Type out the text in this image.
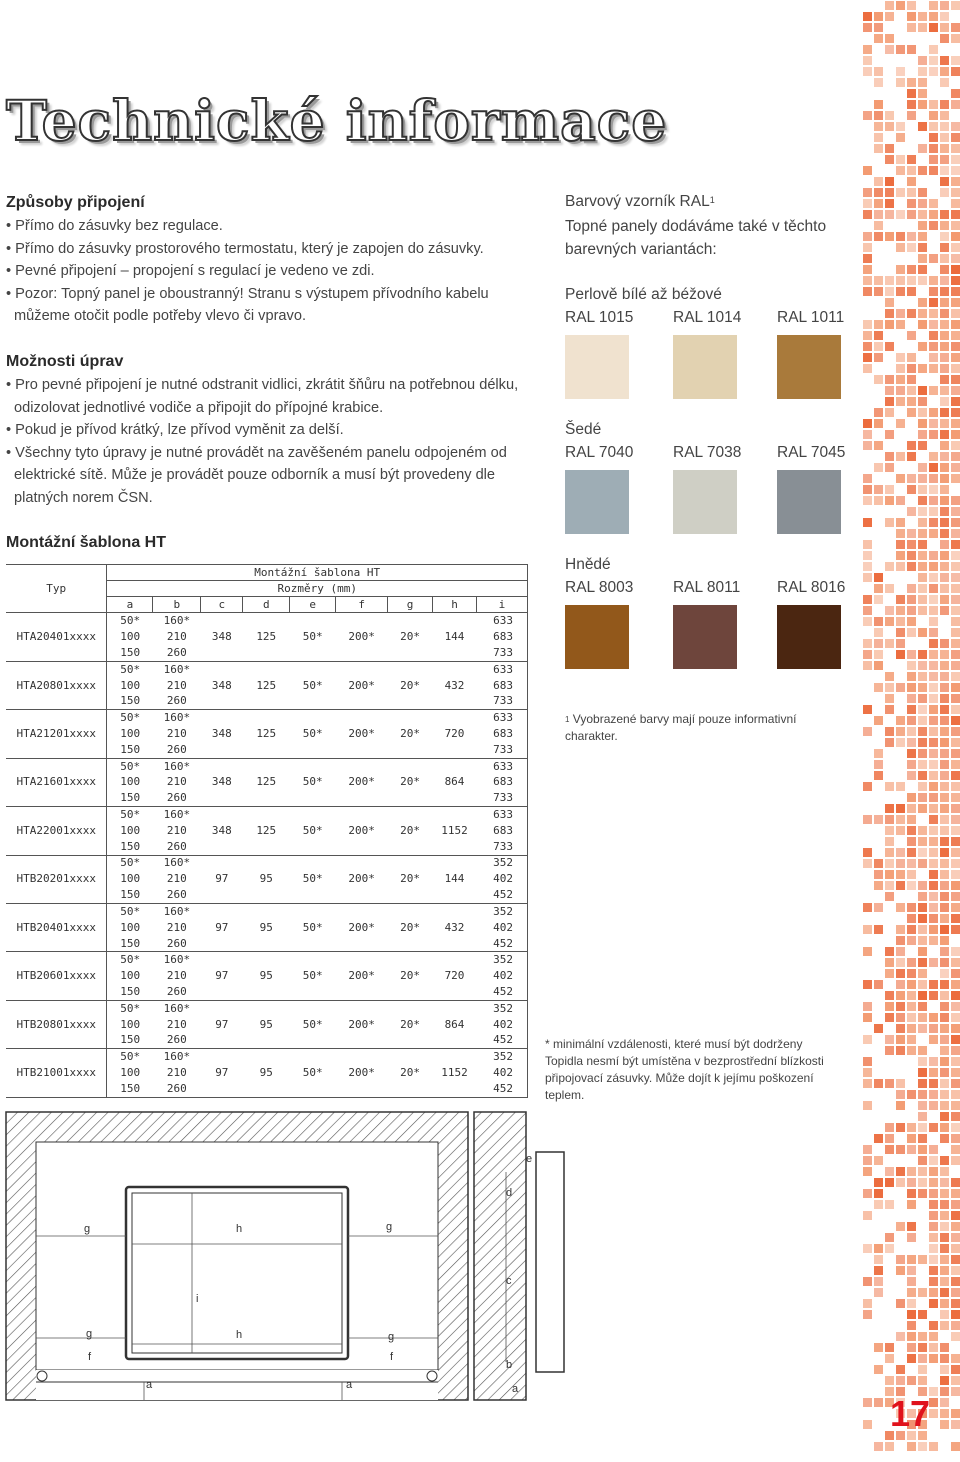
Technické informace
Způsoby připojení
• Přímo do zásuvky bez regulace.
• Přímo do zásuvky prostorového termostatu, který je zapojen do zásuvky.
• Pevné připojení – propojení s regulací je vedeno ve zdi.
• Pozor: Topný panel je oboustranný! Stranu s výstupem přívodního kabelu můžeme otočit podle potřeby vlevo či vpravo.
Možnosti úprav
• Pro pevné připojení je nutné odstranit vidlici, zkrátit šňůru na potřebnou délku, odizolovat jednotlivé vodiče a připojit do přípojné krabice.
• Pokud je přívod krátký, lze přívod vyměnit za delší.
• Všechny tyto úpravy je nutné provádět na zavěšeném panelu odpojeném od elektrické sítě. Může je provádět pouze odborník a musí být provedeny dle platných norem ČSN.
Barvový vzorník RAL$^1$
Topné panely dodáváme také v těchto barevných variantách:
Perlově bílé až béžové
RAL 1015	RAL 1014 RAL 1011
Šedé
RAL 7040	RAL 7038 RAL 7045
Hnědé
RAL 8003	RAL 8011 RAL 8016
$^1$ Vyobrazené barvy mají pouze informativní charakter.
Montážní šablona HT
Typ	Montážní šablona HT								
	Rozměry (mm)								
	a	b	c	d	e	f	g	h	i
HTA20401xxxx	50*	160*	348	125	50*	200*	20*	144	633
	100	210							683
	150	260							733
HTA20801xxxx	50*	160*	348	125	50*	200*	20*	432	633
	100	210							683
	150	260							733
HTA21201xxxx	50*	160*	348	125	50*	200*	20*	720	633
	100	210							683
	150	260							733
HTA21601xxxx	50*	160*	348	125	50*	200*	20*	864	633
	100	210							683
	150	260							733
HTA22001xxxx	50*	160*	348	125	50*	200*	20*	1152	633
	100	210							683
	150	260							733
HTB20201xxxx	50*	160*	97	95	50*	200*	20*	144	352
	100	210							402
	150	260							452
HTB20401xxxx	50*	160*	97	95	50*	200*	20*	432	352
	100	210							402
	150	260							452
HTB20601xxxx	50*	160*	97	95	50*	200*	20*	720	352
	100	210							402
	150	260							452
HTB20801xxxx	50*	160*	97	95	50*	200*	20*	864	352
	100	210							402
	150	260							452
HTB21001xxxx	50*	160*	97	95	50*	200*	20*	1152	352
	100	210							402
	150	260							452
* minimální vzdálenosti, které musí být dodrženy Topidla nesmí být umístěna v bezprostřední blízkosti připojovací zásuvky. Může dojít k jejímu poškození teplem.
g	h	g
i
g	h	g
f	f
a	a
e
d
c
b
a
17
